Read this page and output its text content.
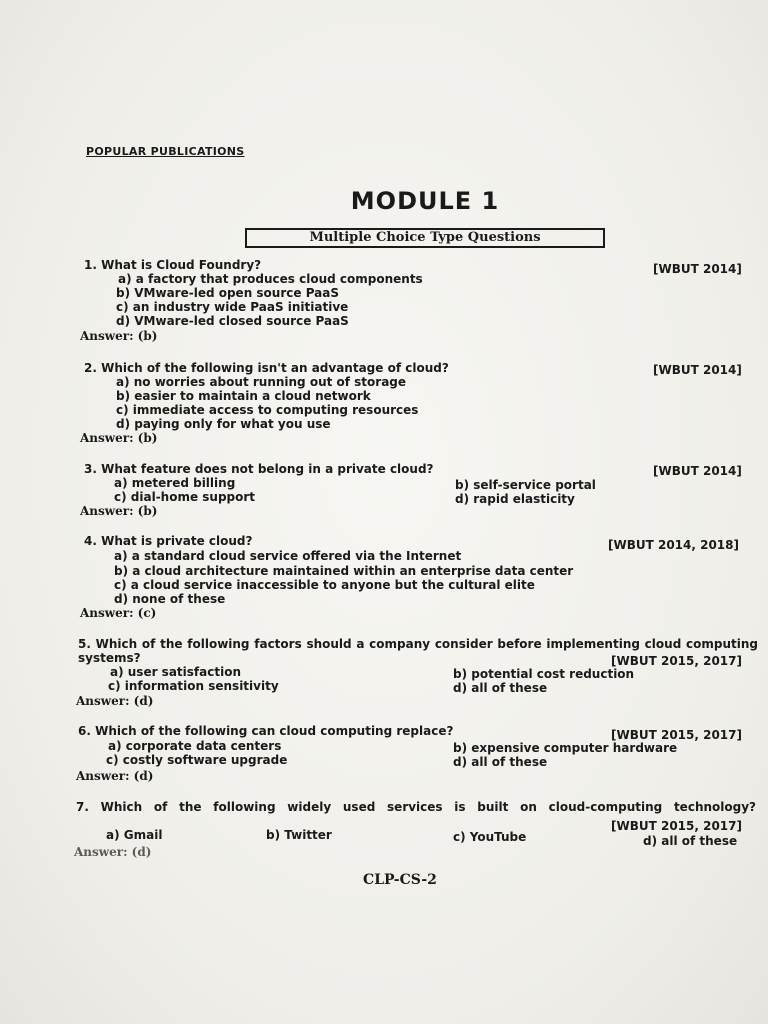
POPULAR PUBLICATIONS
MODULE 1
Multiple Choice Type Questions
1. What is Cloud Foundry?	[WBUT 2014]
a) a factory that produces cloud components
b) VMware-led open source PaaS
c) an industry wide PaaS initiative
d) VMware-led closed source PaaS
Answer: (b)
2. Which of the following isn't an advantage of cloud?	[WBUT 2014]
a) no worries about running out of storage
b) easier to maintain a cloud network
c) immediate access to computing resources
d) paying only for what you use
Answer: (b)
3. What feature does not belong in a private cloud?	[WBUT 2014]
a) metered billing	b) self-service portal
c) dial-home support	d) rapid elasticity
Answer: (b)
4. What is private cloud?	[WBUT 2014, 2018]
a) a standard cloud service offered via the Internet
b) a cloud architecture maintained within an enterprise data center
c) a cloud service inaccessible to anyone but the cultural elite
d) none of these
Answer: (c)
5. Which of the following factors should a company consider before implementing cloud computing systems?	[WBUT 2015, 2017]
a) user satisfaction	b) potential cost reduction
c) information sensitivity	d) all of these
Answer: (d)
6. Which of the following can cloud computing replace?	[WBUT 2015, 2017]
a) corporate data centers	b) expensive computer hardware
c) costly software upgrade	d) all of these
Answer: (d)
7. Which of the following widely used services is built on cloud-computing technology?
[WBUT 2015, 2017]
a) Gmail	b) Twitter	c) YouTube	d) all of these
Answer: (d)
CLP-CS-2
